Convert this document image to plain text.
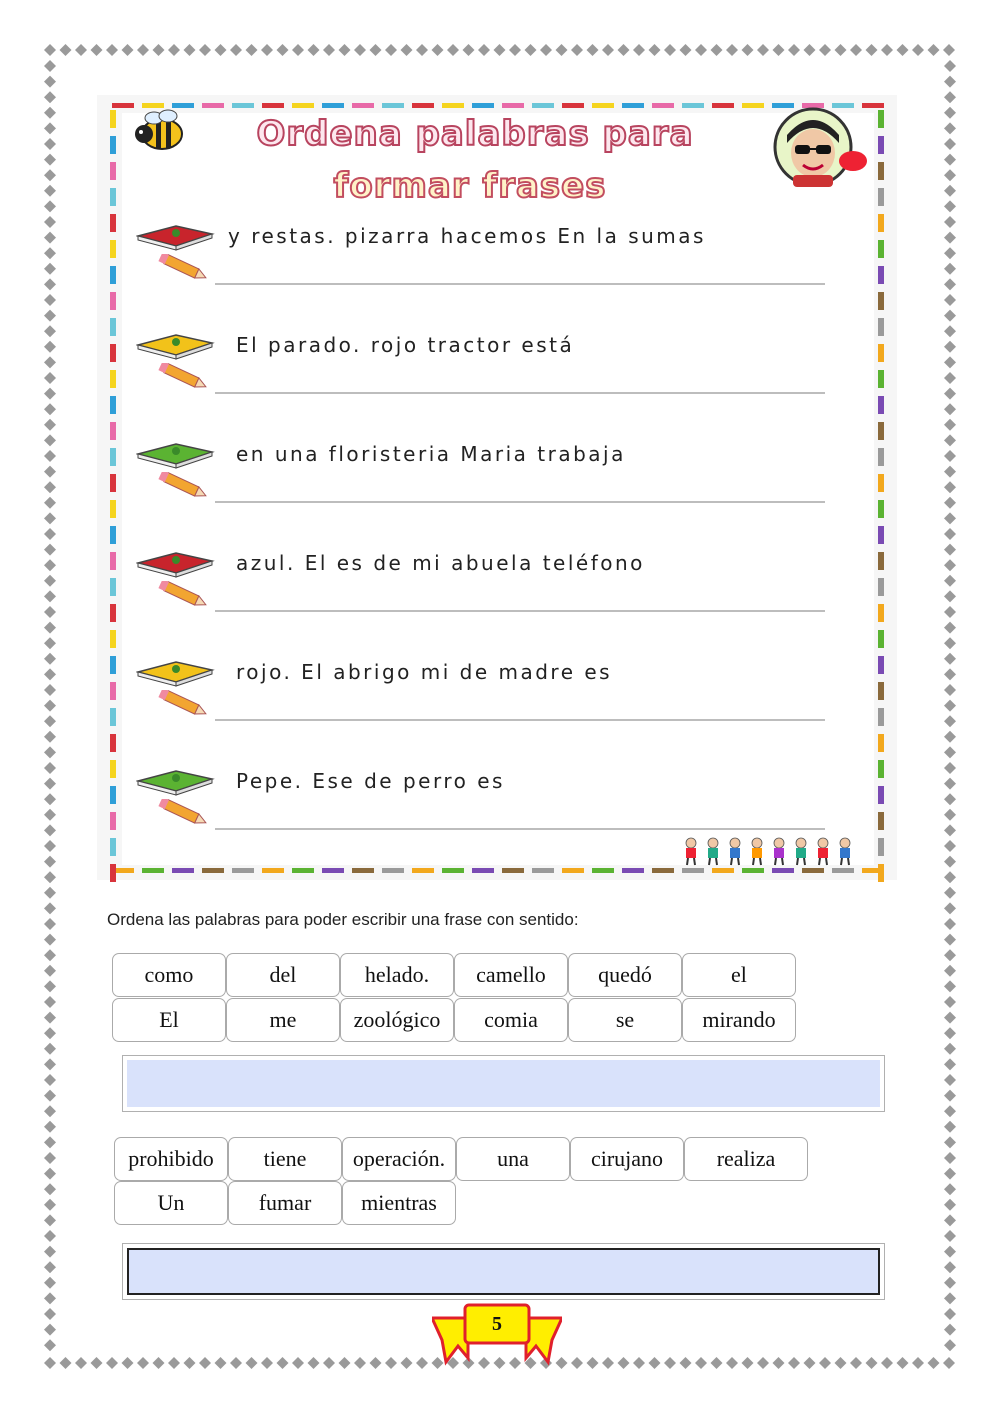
Ordena palabras para
formar frases
y restas. pizarra hacemos En la sumas
El parado. rojo tractor está
en una floristeria Maria trabaja
azul. El es de mi abuela teléfono
rojo. El abrigo mi de madre es
Pepe. Ese de perro es
Ordena las palabras para poder escribir una frase con sentido:
como	del	helado.	camello	quedó	el
El	me	zoológico	comia	se	mirando
prohibido	tiene	operación.	una	cirujano	realiza
Un	fumar	mientras
5
